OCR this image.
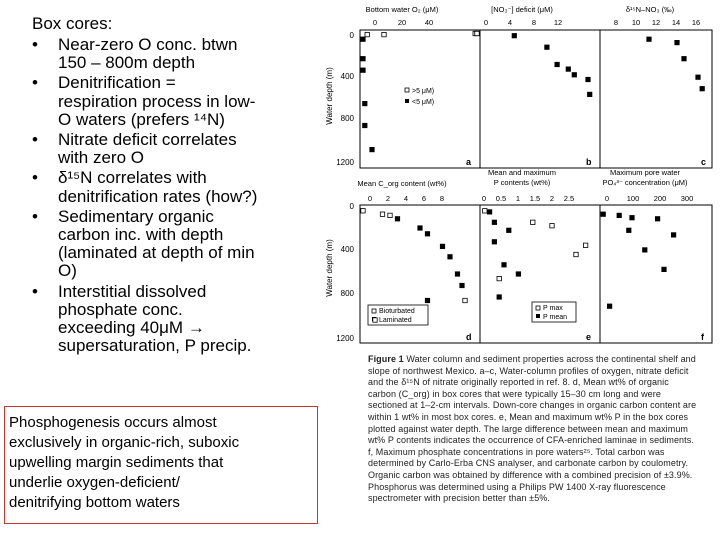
Box cores:
• Near-zero O conc. btwn
150 – 800m depth
• Denitrification =
respiration process in low-
O waters (prefers ¹⁴N)
• Nitrate deficit correlates
with zero O
• δ¹⁵N correlates with
denitrification rates (how?)
• Sedimentary organic
carbon inc. with depth
(laminated at depth of min
O)
• Interstitial dissolved
phosphate conc.
exceeding 40μM →
supersaturation, P precip.
Phosphogenesis occurs almost
exclusively in organic-rich, suboxic
upwelling margin sediments that
underlie oxygen-deficient/
denitrifying bottom waters
Water depth (m)
Water depth (m)
0
400
800
1200
0
400
800
1200
Bottom water O₂ (μM)	[NO₃⁻] deficit (μM)	δ¹⁵N–NO₃ (‰)
Mean C_org content (wt%)
Mean and maximum
P contents (wt%)
Maximum pore water
PO₄³⁻ concentration (μM)
0	20 40	0	4	8 12	8 10 12 14 16
0 2 4 6 8	0 0.5 1 1.5 2 2.5	0 100 200 300
a	b	c
d	e	f
>5 μM)
<5 μM)
Bioturbated
Laminated
P max
P mean
Figure 1 Water column and sediment properties across the continental shelf and slope of northwest Mexico. a–c, Water-column profiles of oxygen, nitrate deficit and the δ¹⁵N of nitrate originally reported in ref. 8. d, Mean wt% of organic carbon (C_org) in box cores that were typically 15–30 cm long and were sectioned at 1–2-cm intervals. Down-core changes in organic carbon content are within 1 wt% in most box cores. e, Mean and maximum wt% P in the box cores plotted against water depth. The large difference between mean and maximum wt% P contents indicates the occurrence of CFA-enriched laminae in sediments. f, Maximum phosphate concentrations in pore waters²⁵. Total carbon was determined by Carlo-Erba CNS analyser, and carbonate carbon by coulometry. Organic carbon was obtained by difference with a combined precision of ±3.9%. Phosphorus was determined using a Philips PW 1400 X-ray fluorescence spectrometer with precision better than ±5%.
